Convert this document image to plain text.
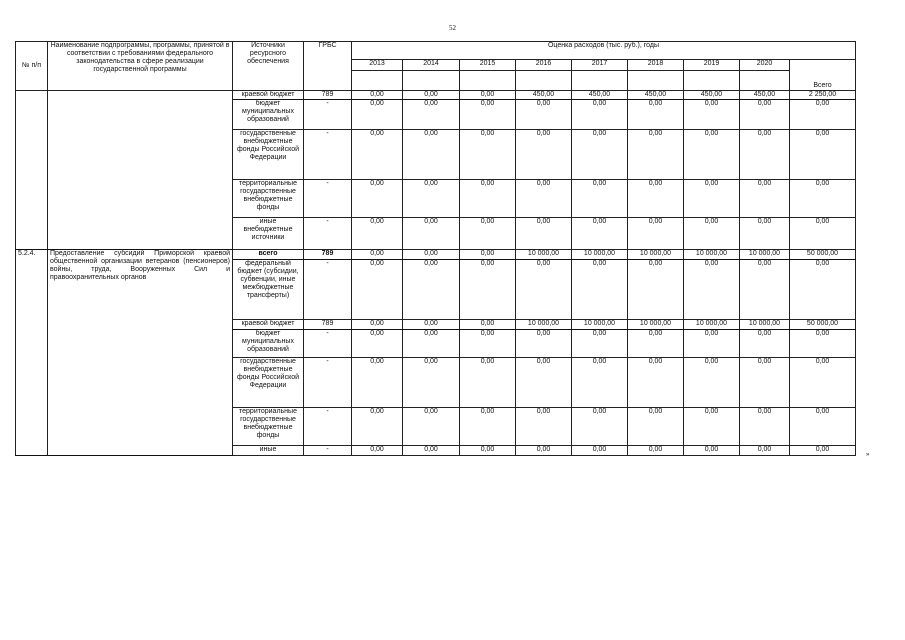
52
№ п/п	Наименование подпрограммы, программы, принятой в соответствии с требованиями федерального законодательства в сфере реализации государственной программы	Источники ресурсного обеспечения	ГРБС	Оценка расходов (тыс. руб.), годы								
				2013	2014	2015	2016	2017	2018	2019	2020	Всего

		краевой бюджет	789	0,00	0,00	0,00	450,00	450,00	450,00	450,00	450,00	2 250,00
		бюджет муниципальных образований	-	0,00	0,00	0,00	0,00	0,00	0,00	0,00	0,00	0,00
		государственные внебюджетные фонды Российской Федерации	-	0,00	0,00	0,00	0,00	0,00	0,00	0,00	0,00	0,00
		территориальные государственные внебюджетные фонды	-	0,00	0,00	0,00	0,00	0,00	0,00	0,00	0,00	0,00
		иные внебюджетные источники	-	0,00	0,00	0,00	0,00	0,00	0,00	0,00	0,00	0,00
5.2.4.	Предоставление субсидий Приморской краевой общественной организации ветеранов (пенсионеров) войны, труда, Вооруженных Сил и правоохранительных органов	всего	789	0,00	0,00	0,00	10 000,00	10 000,00	10 000,00	10 000,00	10 000,00	50 000,00
		федеральный бюджет (субсидии, субвенции, иные межбюджетные трансферты)	-	0,00	0,00	0,00	0,00	0,00	0,00	0,00	0,00	0,00
		краевой бюджет	789	0,00	0,00	0,00	10 000,00	10 000,00	10 000,00	10 000,00	10 000,00	50 000,00
		бюджет муниципальных образований	-	0,00	0,00	0,00	0,00	0,00	0,00	0,00	0,00	0,00
		государственные внебюджетные фонды Российской Федерации	-	0,00	0,00	0,00	0,00	0,00	0,00	0,00	0,00	0,00
		территориальные государственные внебюджетные фонды	-	0,00	0,00	0,00	0,00	0,00	0,00	0,00	0,00	0,00
		иные	-	0,00	0,00	0,00	0,00	0,00	0,00	0,00	0,00	0,00
»
